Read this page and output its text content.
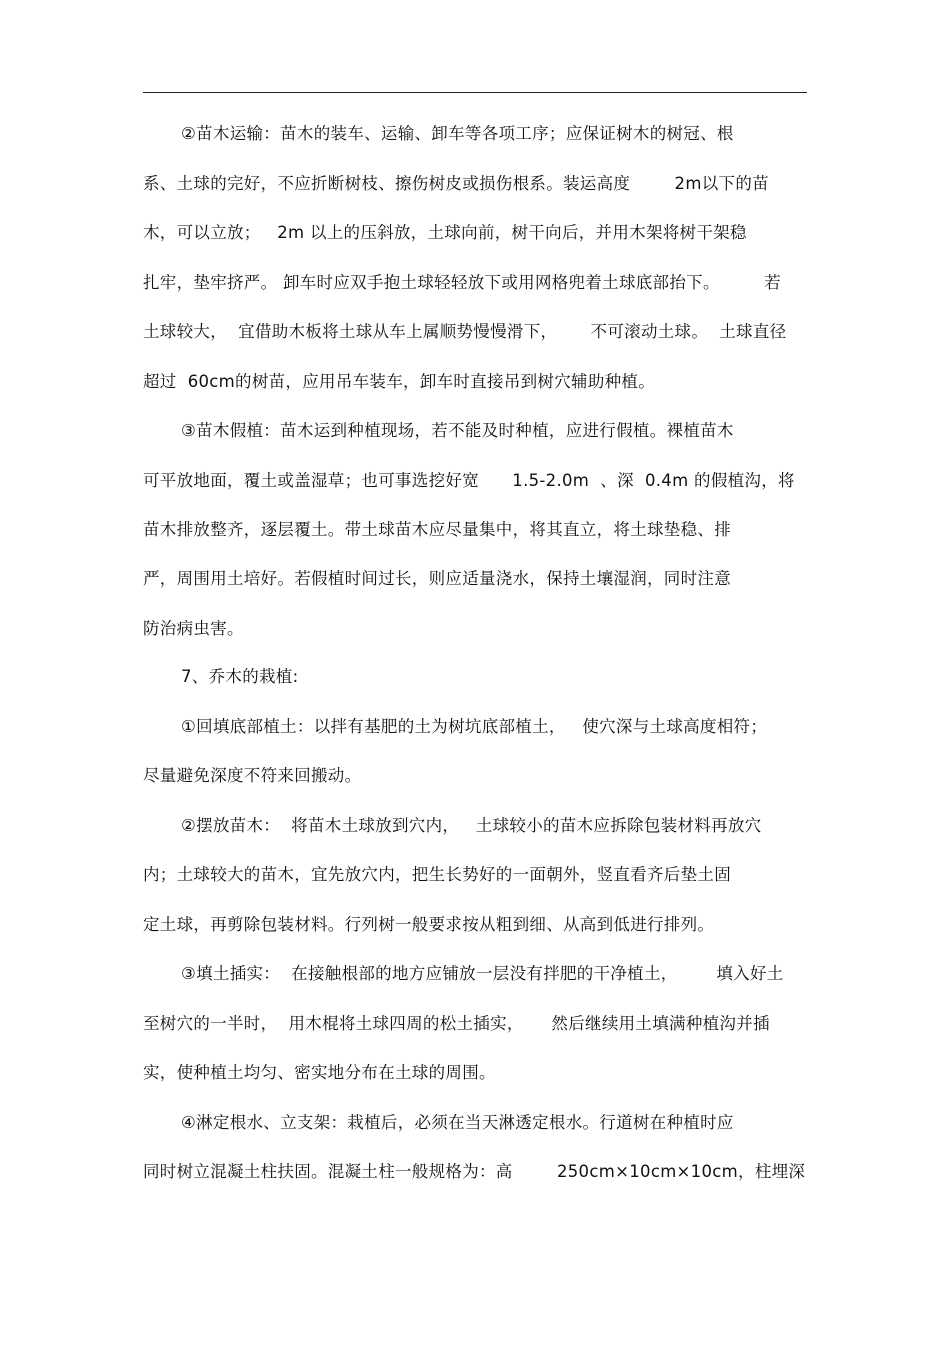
②苗木运输：苗木的装车、运输、卸车等各项工序；应保证树木的树冠、根
系、土球的完好，不应折断树枝、擦伤树皮或损伤根系。装运高度        2m以下的苗
木，可以立放；   2m 以上的压斜放，土球向前，树干向后，并用木架将树干架稳
扎牢，垫牢挤严。 卸车时应双手抱土球轻轻放下或用网格兜着土球底部抬下。        若
土球较大，  宜借助木板将土球从车上属顺势慢慢滑下，      不可滚动土球。  土球直径
超过  60cm的树苗，应用吊车装车，卸车时直接吊到树穴辅助种植。
③苗木假植：苗木运到种植现场，若不能及时种植，应进行假植。裸植苗木
可平放地面，覆土或盖湿草；也可事选挖好宽      1.5-2.0m  、深  0.4m 的假植沟，将
苗木排放整齐，逐层覆土。带土球苗木应尽量集中，将其直立，将土球垫稳、排
严，周围用土培好。若假植时间过长，则应适量浇水，保持土壤湿润，同时注意
防治病虫害。
7、乔木的栽植:
①回填底部植土：以拌有基肥的土为树坑底部植土，   使穴深与土球高度相符；
尽量避免深度不符来回搬动。
②摆放苗木：  将苗木土球放到穴内，   土球较小的苗木应拆除包装材料再放穴
内；土球较大的苗木，宜先放穴内，把生长势好的一面朝外，竖直看齐后垫土固
定土球，再剪除包装材料。行列树一般要求按从粗到细、从高到低进行排列。
③填土插实：  在接触根部的地方应铺放一层没有拌肥的干净植土，       填入好土
至树穴的一半时，  用木棍将土球四周的松土插实，     然后继续用土填满种植沟并插
实，使种植土均匀、密实地分布在土球的周围。
④淋定根水、立支架：栽植后，必须在当天淋透定根水。行道树在种植时应
同时树立混凝土柱扶固。混凝土柱一般规格为：高        250cm×10cm×10cm，柱埋深
